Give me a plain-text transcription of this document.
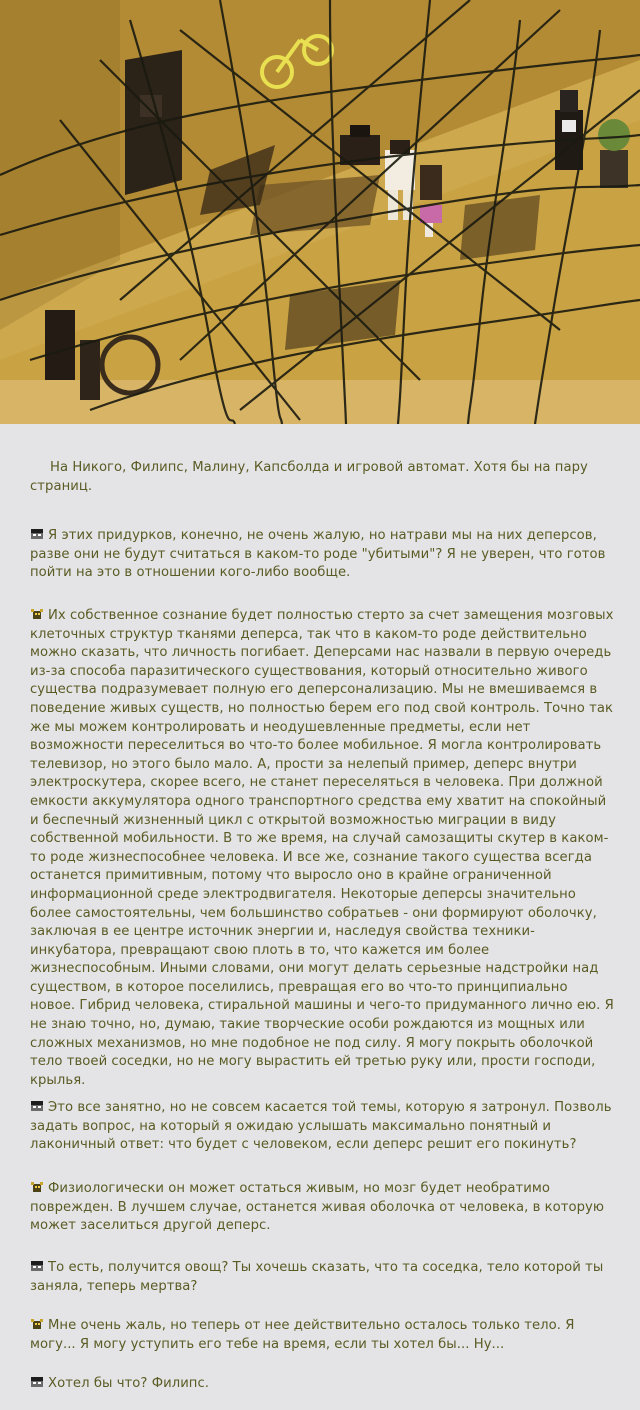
На Никого, Филипс, Малину, Капсболда и игровой автомат. Хотя бы на пару страниц.

Я этих придурков, конечно, не очень жалую, но натрави мы на них деперсов, разве они не будут считаться в каком-то роде "убитыми"? Я не уверен, что готов пойти на это в отношении кого-либо вообще.

Их собственное сознание будет полностью стерто за счет замещения мозговых клеточных структур тканями деперса, так что в каком-то роде действительно можно сказать, что личность погибает. Деперсами нас назвали в первую очередь из-за способа паразитического существования, который относительно живого существа подразумевает полную его деперсонализацию. Мы не вмешиваемся в поведение живых существ, но полностью берем его под свой контроль. Точно так же мы можем контролировать и неодушевленные предметы, если нет возможности переселиться во что-то более мобильное. Я могла контролировать телевизор, но этого было мало. А, прости за нелепый пример, деперс внутри электроскутера, скорее всего, не станет переселяться в человека. При должной емкости аккумулятора одного транспортного средства ему хватит на спокойный и беспечный жизненный цикл с открытой возможностью миграции в виду собственной мобильности. В то же время, на случай самозащиты скутер в каком-то роде жизнеспособнее человека. И все же, сознание такого существа всегда останется примитивным, потому что выросло оно в крайне ограниченной информационной среде электродвигателя. Некоторые деперсы значительно более самостоятельны, чем большинство собратьев - они формируют оболочку, заключая в ее центре источник энергии и, наследуя свойства техники-инкубатора, превращают свою плоть в то, что кажется им более жизнеспособным. Иными словами, они могут делать серьезные надстройки над существом, в которое поселились, превращая его во что-то принципиально новое. Гибрид человека, стиральной машины и чего-то придуманного лично ею. Я не знаю точно, но, думаю, такие творческие особи рождаются из мощных или сложных механизмов, но мне подобное не под силу. Я могу покрыть оболочкой тело твоей соседки, но не могу вырастить ей третью руку или, прости господи, крылья.

Это все занятно, но не совсем касается той темы, которую я затронул. Позволь задать вопрос, на который я ожидаю услышать максимально понятный и лаконичный ответ: что будет с человеком, если деперс решит его покинуть?

Физиологически он может остаться живым, но мозг будет необратимо поврежден. В лучшем случае, останется живая оболочка от человека, в которую может заселиться другой деперс.

То есть, получится овощ? Ты хочешь сказать, что та соседка, тело которой ты заняла, теперь мертва?

Мне очень жаль, но теперь от нее действительно осталось только тело. Я могу... Я могу уступить его тебе на время, если ты хотел бы... Ну...

Хотел бы что? Филипс.
